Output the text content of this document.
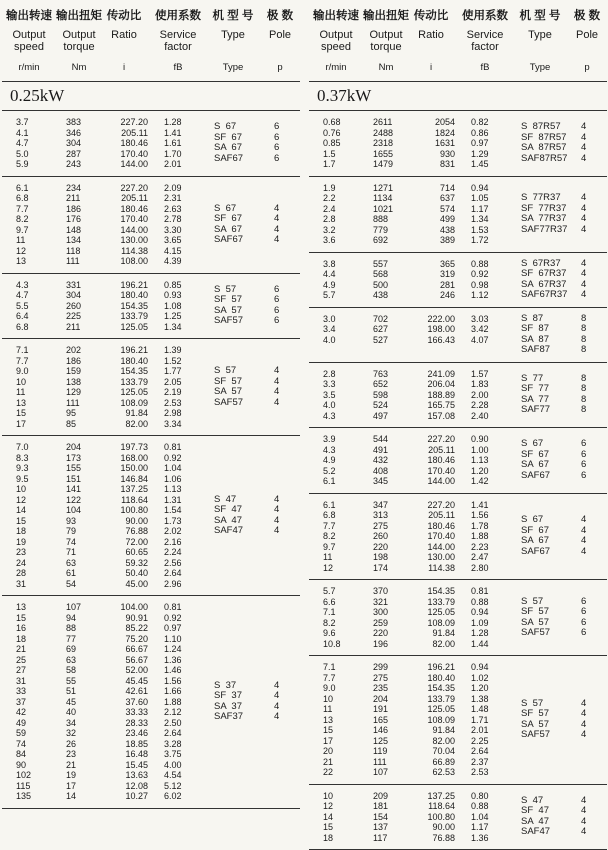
输出转速
Output
speed
r/min
输出扭矩
Output
torque
Nm
传动比
Ratio
i
使用系数
Service
factor
fB
机 型 号
Type
Type
极 数
Pole
p
0.25kW
3.7	383	227.20 1.28
4.1	346	205.11 1.41
4.7	304	180.46 1.61
5.0	287	170.40 1.70
5.9	243	144.00 2.01
S  67	6
SF  67	6
SA  67	6
SAF67	6
6.1	234	227.20 2.09
6.8	211	205.11 2.31
7.7	186	180.46 2.63
8.2	176	170.40 2.78
9.7	148	144.00 3.30
11	134	130.00 3.65
12	118	114.38 4.15
13	111	108.00 4.39
S  67	4
SF  67	4
SA  67	4
SAF67	4
4.3	331	196.21 0.85
4.7	304	180.40 0.93
5.5	260	154.35 1.08
6.4	225	133.79 1.25
6.8	211	125.05 1.34
S  57	6
SF  57	6
SA  57	6
SAF57	6
7.1	202	196.21 1.39
7.7	186	180.40 1.52
9.0	159	154.35 1.77
10	138	133.79 2.05
11	129	125.05 2.19
13	111	108.09 2.53
15	95	91.84 2.98
17	85	82.00 3.34
S  57	4
SF  57	4
SA  57	4
SAF57	4
7.0	204	197.73 0.81
8.3	173	168.00 0.92
9.3	155	150.00 1.04
9.5	151	146.84 1.06
10	141	137.25 1.13
12	122	118.64 1.31
14	104	100.80 1.54
15	93	90.00 1.73
18	79	76.88 2.02
19	74	72.00 2.16
23	71	60.65 2.24
24	63	59.32 2.56
28	61	50.40 2.64
31	54	45.00 2.96
S  47	4
SF  47	4
SA  47	4
SAF47	4
13	107	104.00 0.81
15	94	90.91 0.92
16	88	85.22 0.97
18	77	75.20 1.10
21	69	66.67 1.24
25	63	56.67 1.36
27	58	52.00 1.46
31	55	45.45 1.56
33	51	42.61 1.66
37	45	37.60 1.88
42	40	33.33 2.12
49	34	28.33 2.50
59	32	23.46 2.64
74	26	18.85 3.28
84	23	16.48 3.75
90	21	15.45 4.00
102	19	13.63 4.54
115	17	12.08 5.12
135	14	10.27 6.02
S  37	4
SF  37	4
SA  37	4
SAF37	4
输出转速
Output
speed
r/min
输出扭矩
Output
torque
Nm
传动比
Ratio
i
使用系数
Service
factor
fB
机 型 号
Type
Type
极 数
Pole
p
0.37kW
0.68	2611	2054 0.82
0.76	2488	1824 0.86
0.85	2318	1631 0.97
1.5	1655	930 1.29
1.7	1479	831 1.45
S  87R57	4
SF  87R57	4
SA  87R57	4
SAF87R57	4
1.9	1271	714 0.94
2.2	1134	637 1.05
2.4	1021	574 1.17
2.8	888	499 1.34
3.2	779	438 1.53
3.6	692	389 1.72
S  77R37	4
SF  77R37	4
SA  77R37	4
SAF77R37	4
3.8	557	365 0.88
4.4	568	319 0.92
4.9	500	281 0.98
5.7	438	246 1.12
S  67R37	4
SF  67R37	4
SA  67R37	4
SAF67R37	4
3.0	702	222.00 3.03
3.4	627	198.00 3.42
4.0	527	166.43 4.07
S  87	8
SF  87	8
SA  87	8
SAF87	8
2.8	763	241.09 1.57
3.3	652	206.04 1.83
3.5	598	188.89 2.00
4.0	524	165.75 2.28
4.3	497	157.08 2.40
S  77	8
SF  77	8
SA  77	8
SAF77	8
3.9	544	227.20 0.90
4.3	491	205.11 1.00
4.9	432	180.46 1.13
5.2	408	170.40 1.20
6.1	345	144.00 1.42
S  67	6
SF  67	6
SA  67	6
SAF67	6
6.1	347	227.20 1.41
6.8	313	205.11 1.56
7.7	275	180.46 1.78
8.2	260	170.40 1.88
9.7	220	144.00 2.23
11	198	130.00 2.47
12	174	114.38 2.80
S  67	4
SF  67	4
SA  67	4
SAF67	4
5.7	370	154.35 0.81
6.6	321	133.79 0.88
7.1	300	125.05 0.94
8.2	259	108.09 1.09
9.6	220	91.84 1.28
10.8	196	82.00 1.44
S  57	6
SF  57	6
SA  57	6
SAF57	6
7.1	299	196.21 0.94
7.7	275	180.40 1.02
9.0	235	154.35 1.20
10	204	133.79 1.38
11	191	125.05 1.48
13	165	108.09 1.71
15	146	91.84 2.01
17	125	82.00 2.25
20	119	70.04 2.64
21	111	66.89 2.37
22	107	62.53 2.53
S  57	4
SF  57	4
SA  57	4
SAF57	4
10	209	137.25 0.80
12	181	118.64 0.88
14	154	100.80 1.04
15	137	90.00 1.17
18	117	76.88 1.36
S  47	4
SF  47	4
SA  47	4
SAF47	4
